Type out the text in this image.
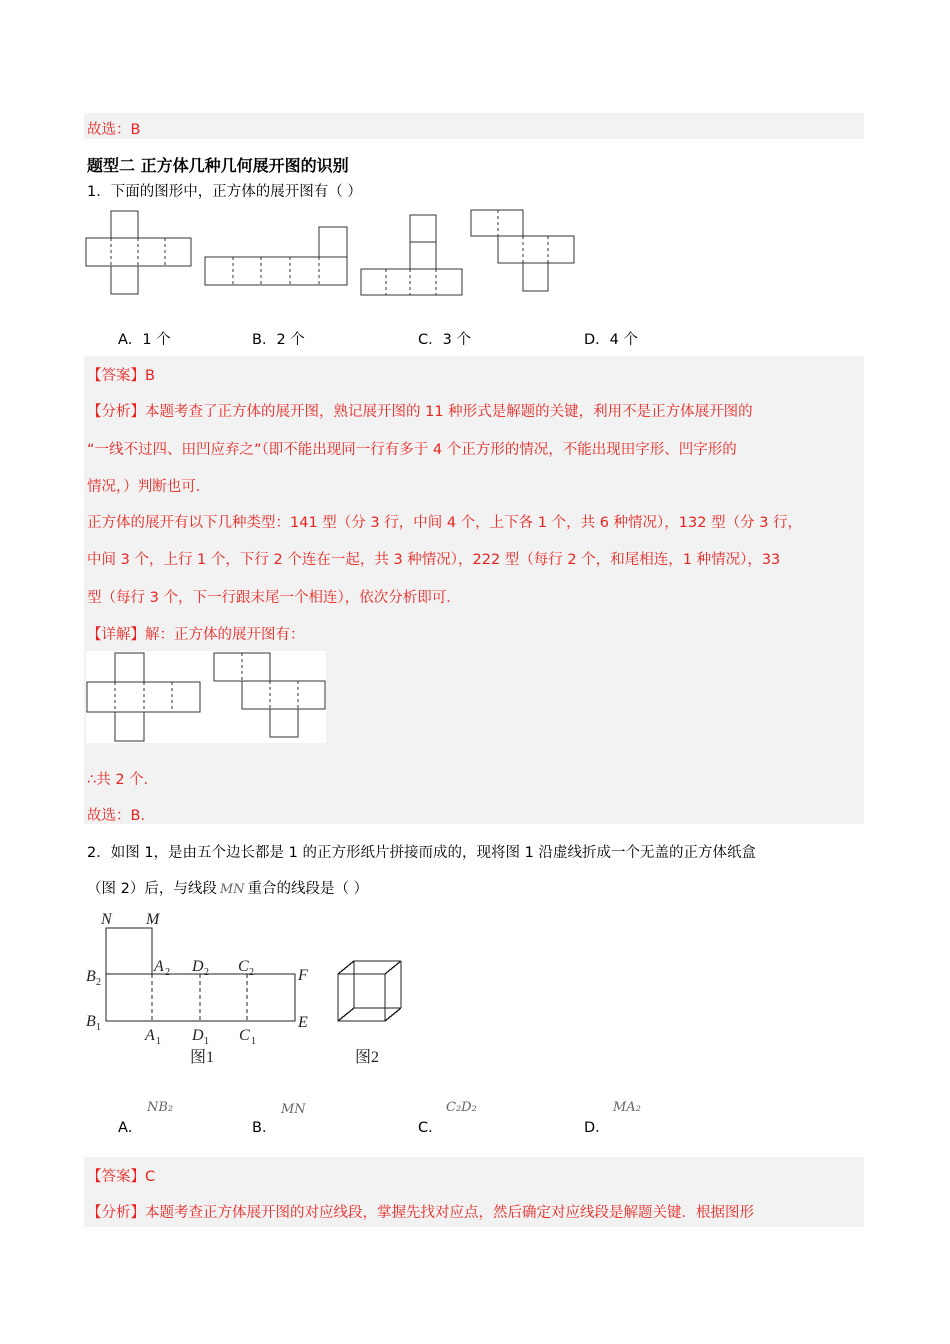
故选：B
题型二 正方体几种几何展开图的识别
1．下面的图形中，正方体的展开图有（ ）
A．1 个	B．2 个	C．3 个	D．4 个
【答案】B
【分析】本题考查了正方体的展开图，熟记展开图的 11 种形式是解题的关键，利用不是正方体展开图的
“一线不过四、田凹应弃之”（即不能出现同一行有多于 4 个正方形的情况，不能出现田字形、凹字形的
情况，）判断也可．
正方体的展开有以下几种类型：141 型（分 3 行，中间 4 个，上下各 1 个，共 6 种情况），132 型（分 3 行，
中间 3 个，上行 1 个，下行 2 个连在一起，共 3 种情况），222 型（每行 2 个，和尾相连，1 种情况），33
型（每行 3 个，下一行跟末尾一个相连），依次分析即可．
【详解】解：正方体的展开图有：
∴共 2 个．
故选：B．
2．如图 1，是由五个边长都是 1 的正方形纸片拼接而成的，现将图 1 沿虚线折成一个无盖的正方体纸盒
（图 2）后，与线段 MN 重合的线段是（ ）
N M
A 2 D 2 C 2	F
B 2
B 1	A 1 D 1 C 1
E
图1	图2
A．
NB₂
B．
MN
C．
C₂D₂
D．
MA₂
【答案】C
【分析】本题考查正方体展开图的对应线段，掌握先找对应点，然后确定对应线段是解题关键．根据图形
